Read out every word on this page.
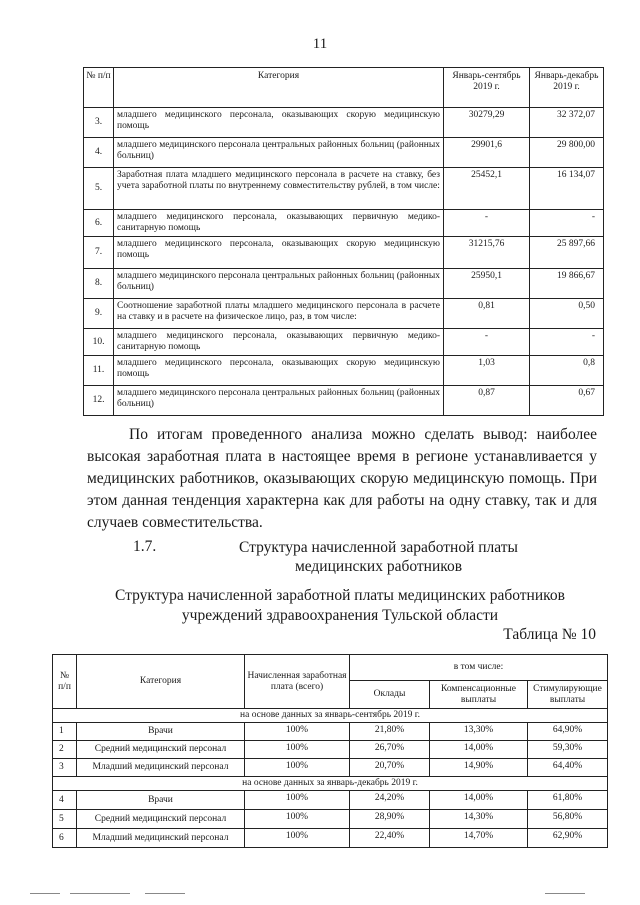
11
№ п/п	Категория	Январь-сентябрь 2019 г.	Январь-декабрь 2019 г.
3.	младшего медицинского персонала, оказывающих скорую медицинскую помощь	30279,29	32 372,07
4.	младшего медицинского персонала центральных районных больниц (районных больниц)	29901,6	29 800,00
5.	Заработная плата младшего медицинского персонала в расчете на ставку, без учета заработной платы по внутреннему совместительству рублей, в том числе:	25452,1	16 134,07
6.	младшего медицинского персонала, оказывающих первичную медико-санитарную помощь	-	-
7.	младшего медицинского персонала, оказывающих скорую медицинскую помощь	31215,76	25 897,66
8.	младшего медицинского персонала центральных районных больниц (районных больниц)	25950,1	19 866,67
9.	Соотношение заработной платы младшего медицинского персонала в расчете на ставку и в расчете на физическое лицо, раз, в том числе:	0,81	0,50
10.	младшего медицинского персонала, оказывающих первичную медико-санитарную помощь	-	-
11.	младшего медицинского персонала, оказывающих скорую медицинскую помощь	1,03	0,8
12.	младшего медицинского персонала центральных районных больниц (районных больниц)	0,87	0,67
По итогам проведенного анализа можно сделать вывод: наиболее высокая заработная плата в настоящее время в регионе устанавливается у медицинских работников, оказывающих скорую медицинскую помощь. При этом данная тенденция характерна как для работы на одну ставку, так и для случаев совместительства.
1.7.	Структура начисленной заработной платы медицинских работников
Структура начисленной заработной платы медицинских работников учреждений здравоохранения Тульской области
Таблица № 10
№ п/п	Категория	Начисленная заработная плата (всего)	в том числе:		
			Оклады	Компенсационные выплаты	Стимулирующие выплаты
на основе данных за январь-сентябрь 2019 г.					
1	Врачи	100%	21,80%	13,30%	64,90%
2	Средний медицинский персонал	100%	26,70%	14,00%	59,30%
3	Младший медицинский персонал	100%	20,70%	14,90%	64,40%
на основе данных за январь-декабрь 2019 г.					
4	Врачи	100%	24,20%	14,00%	61,80%
5	Средний медицинский персонал	100%	28,90%	14,30%	56,80%
6	Младший медицинский персонал	100%	22,40%	14,70%	62,90%
